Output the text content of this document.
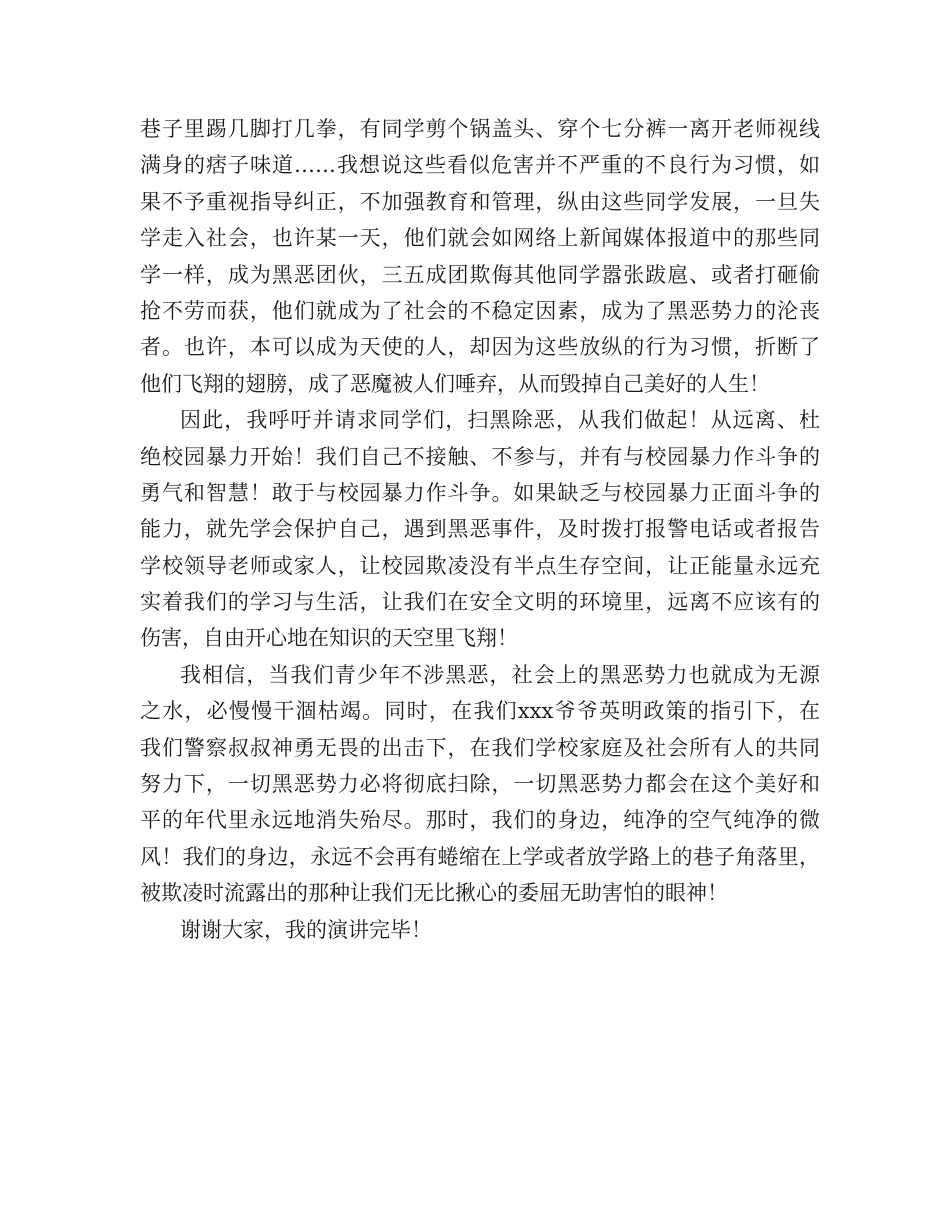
巷子里踢几脚打几拳，有同学剪个锅盖头、穿个七分裤一离开老师视线
满身的痞子味道……我想说这些看似危害并不严重的不良行为习惯，如
果不予重视指导纠正，不加强教育和管理，纵由这些同学发展，一旦失
学走入社会，也许某一天，他们就会如网络上新闻媒体报道中的那些同
学一样，成为黑恶团伙，三五成团欺侮其他同学嚣张跋扈、或者打砸偷
抢不劳而获，他们就成为了社会的不稳定因素，成为了黑恶势力的沦丧
者。也许，本可以成为天使的人，却因为这些放纵的行为习惯，折断了
他们飞翔的翅膀，成了恶魔被人们唾弃，从而毁掉自己美好的人生！
因此，我呼吁并请求同学们，扫黑除恶，从我们做起！从远离、杜
绝校园暴力开始！我们自己不接触、不参与，并有与校园暴力作斗争的
勇气和智慧！敢于与校园暴力作斗争。如果缺乏与校园暴力正面斗争的
能力，就先学会保护自己，遇到黑恶事件，及时拨打报警电话或者报告
学校领导老师或家人，让校园欺凌没有半点生存空间，让正能量永远充
实着我们的学习与生活，让我们在安全文明的环境里，远离不应该有的
伤害，自由开心地在知识的天空里飞翔！
我相信，当我们青少年不涉黑恶，社会上的黑恶势力也就成为无源
之水，必慢慢干涸枯竭。同时，在我们xxx爷爷英明政策的指引下，在
我们警察叔叔神勇无畏的出击下，在我们学校家庭及社会所有人的共同
努力下，一切黑恶势力必将彻底扫除，一切黑恶势力都会在这个美好和
平的年代里永远地消失殆尽。那时，我们的身边，纯净的空气纯净的微
风！我们的身边，永远不会再有蜷缩在上学或者放学路上的巷子角落里，
被欺凌时流露出的那种让我们无比揪心的委屈无助害怕的眼神！
谢谢大家，我的演讲完毕！
